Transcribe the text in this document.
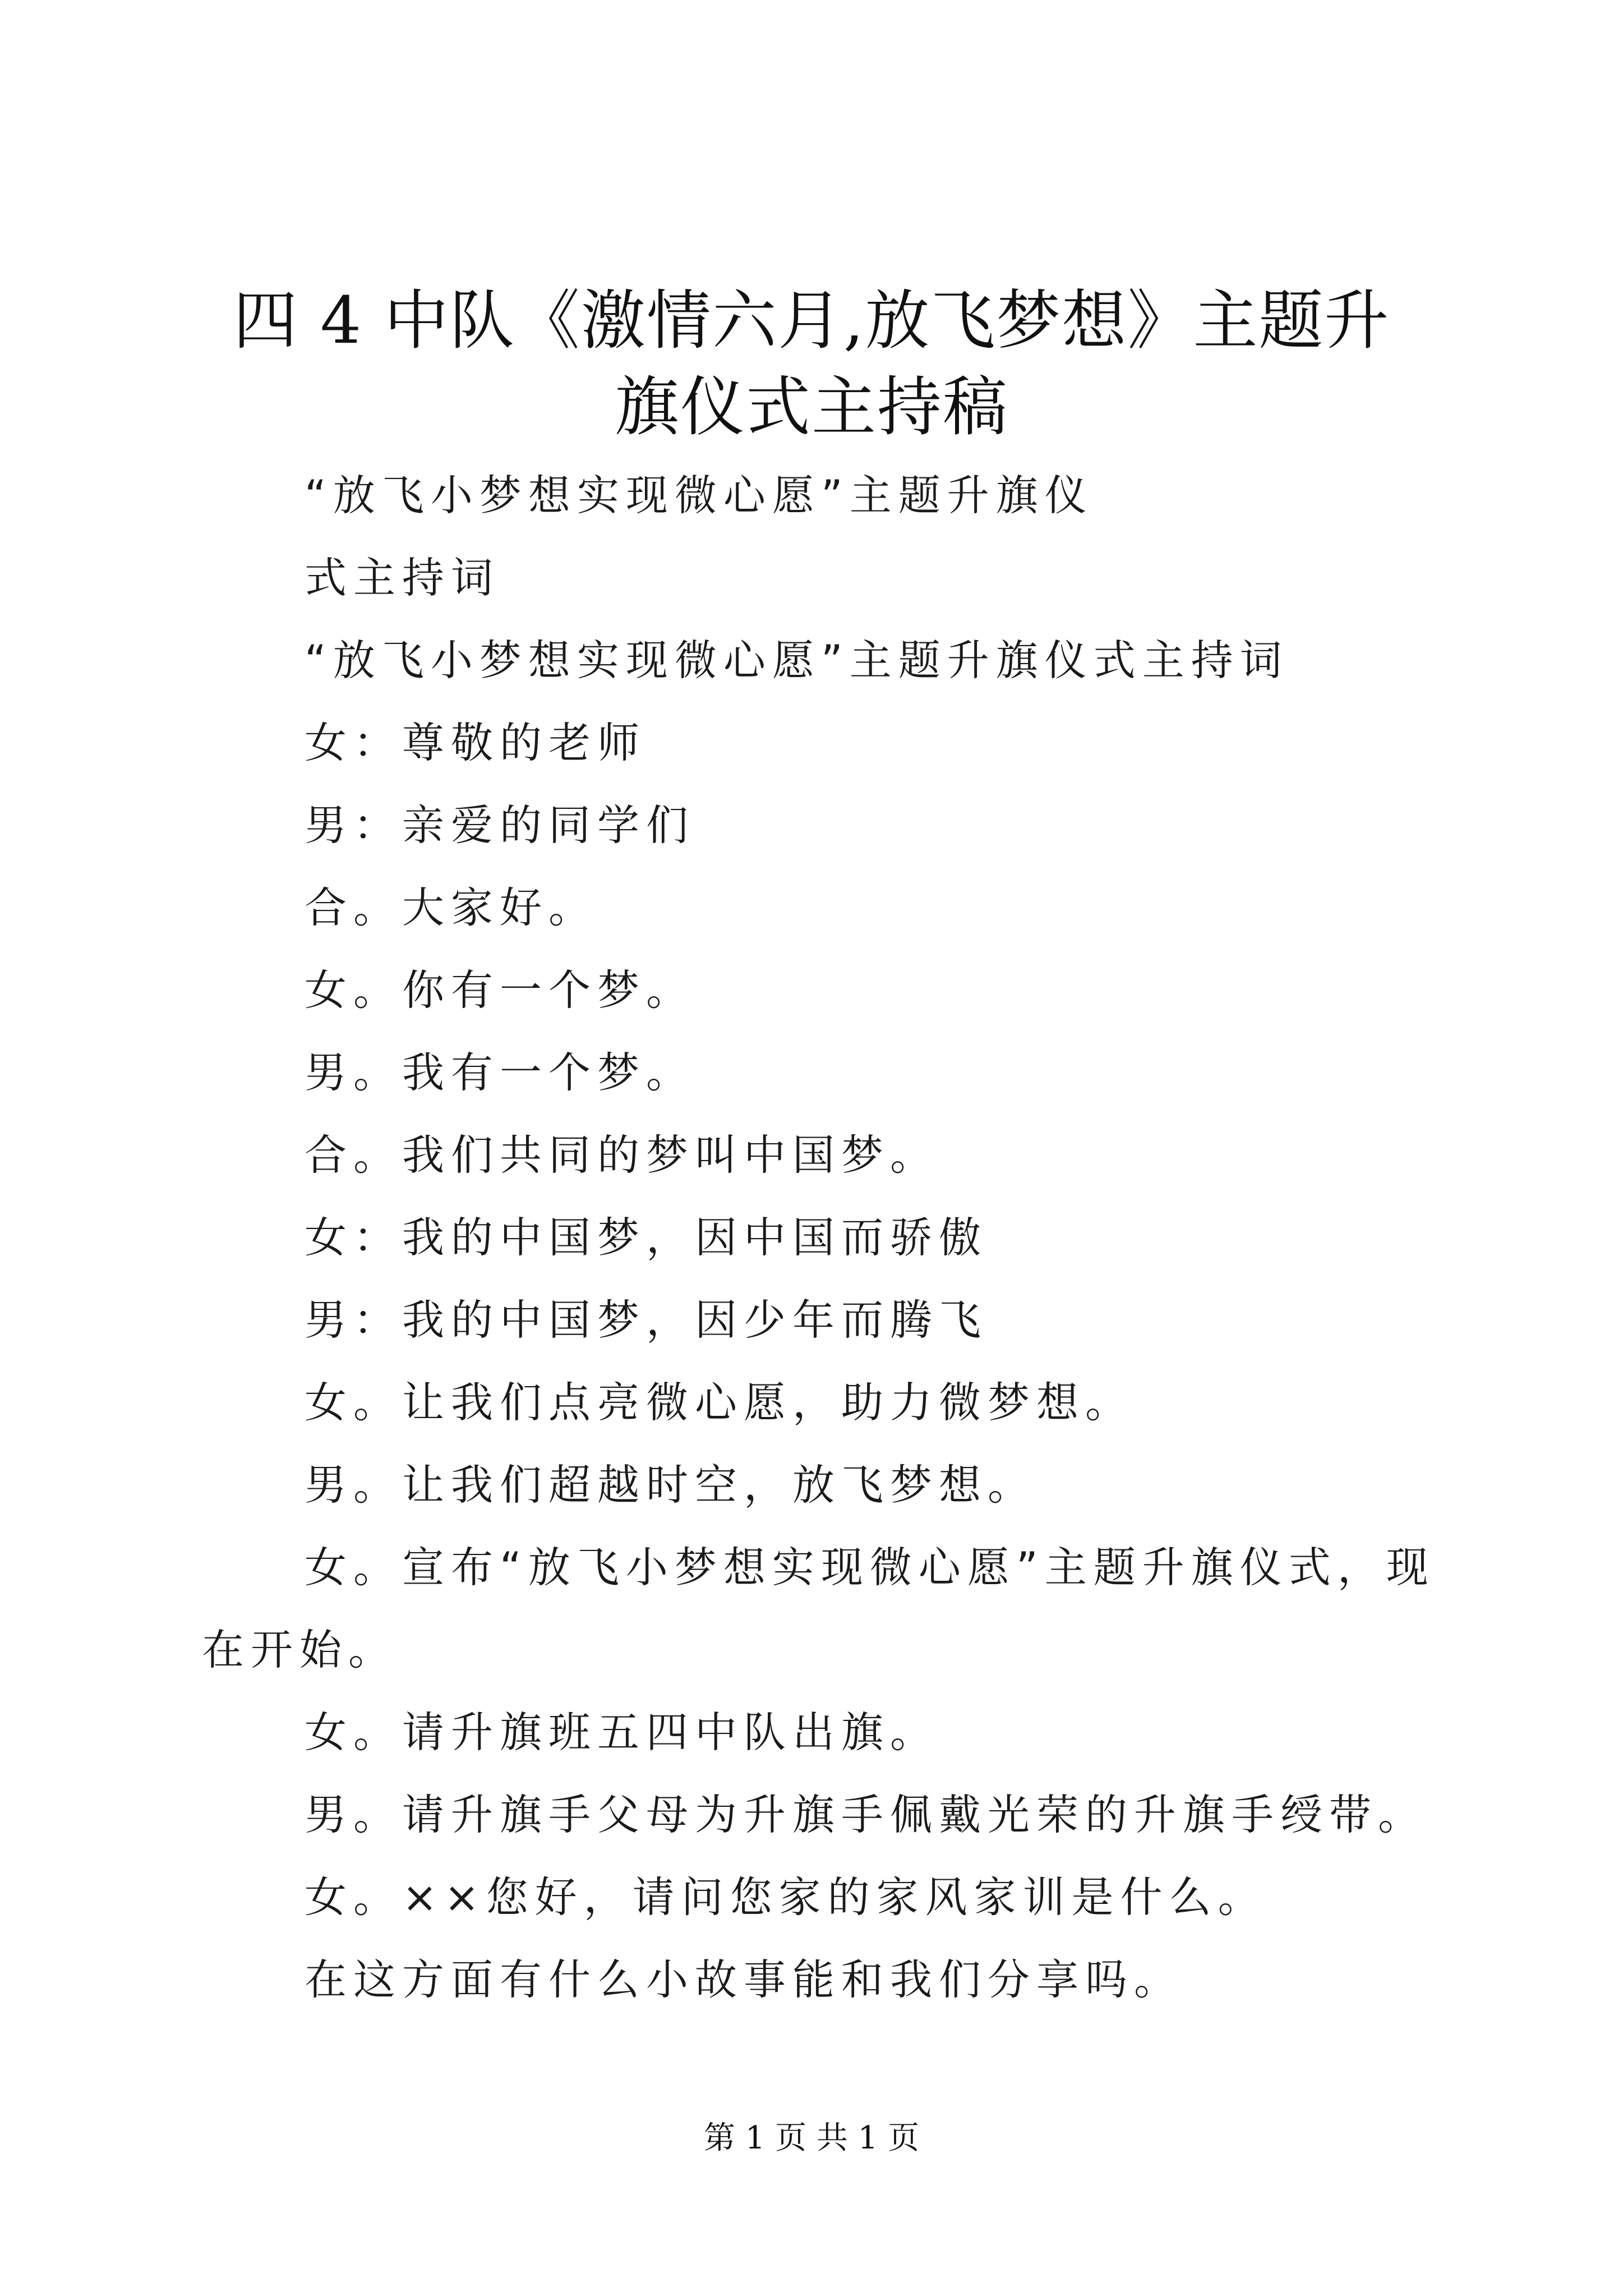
四 4 中队《激情六月,放飞梦想》主题升旗仪式主持稿

“放飞小梦想实现微心愿”主题升旗仪

式主持词

“放飞小梦想实现微心愿”主题升旗仪式主持词

女：尊敬的老师

男：亲爱的同学们

合。大家好。

女。你有一个梦。

男。我有一个梦。

合。我们共同的梦叫中国梦。

女：我的中国梦，因中国而骄傲

男：我的中国梦，因少年而腾飞

女。让我们点亮微心愿，助力微梦想。

男。让我们超越时空，放飞梦想。

女。宣布“放飞小梦想实现微心愿”主题升旗仪式，现在开始。

女。请升旗班五四中队出旗。

男。请升旗手父母为升旗手佩戴光荣的升旗手绶带。

女。××您好，请问您家的家风家训是什么。

在这方面有什么小故事能和我们分享吗。

第 1 页 共 1 页
